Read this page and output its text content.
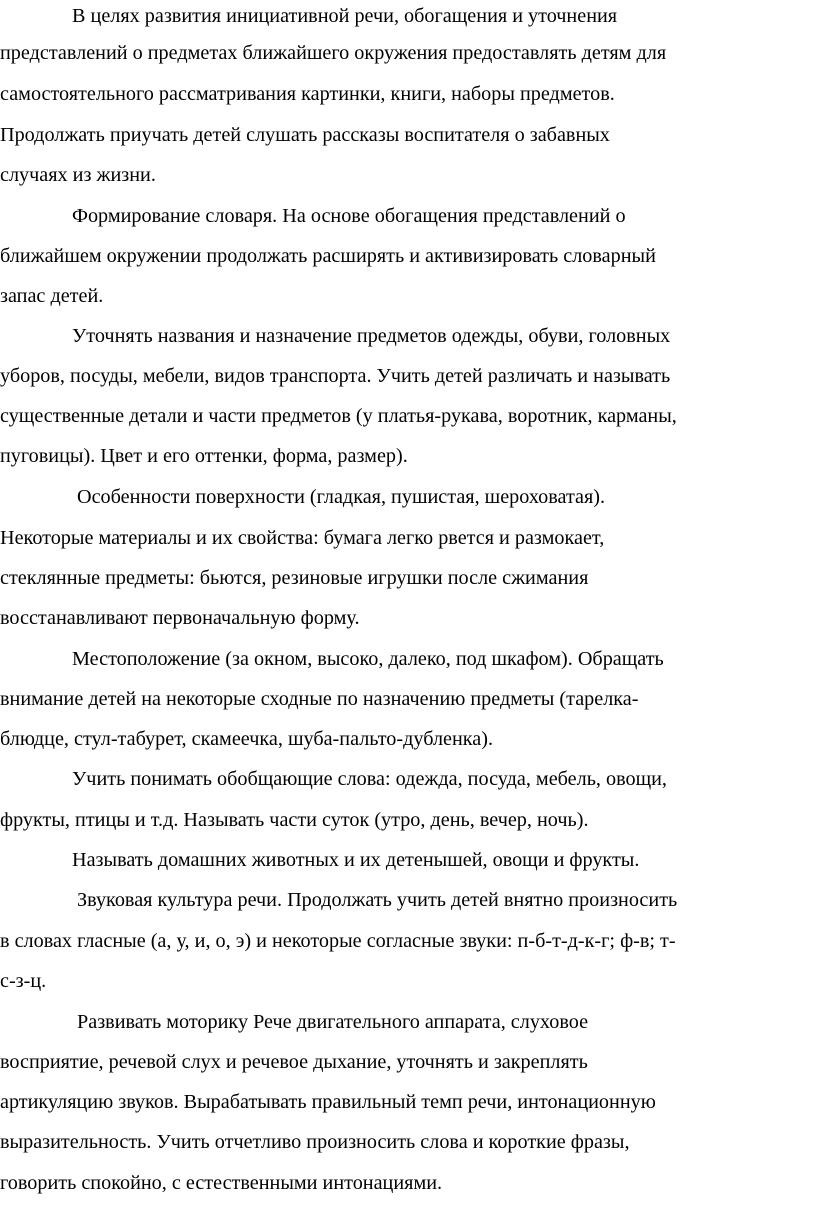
В целях развития инициативной речи, обогащения и уточнения
представлений о предметах ближайшего окружения предоставлять детям для
самостоятельного рассматривания картинки, книги, наборы предметов.
Продолжать приучать детей слушать рассказы воспитателя о забавных
случаях из жизни.
Формирование словаря. На основе обогащения представлений о
ближайшем окружении продолжать расширять и активизировать словарный
запас детей.
Уточнять названия и назначение предметов одежды, обуви, головных
уборов, посуды, мебели, видов транспорта. Учить детей различать и называть
существенные детали и части предметов (у платья-рукава, воротник, карманы,
пуговицы). Цвет и его оттенки, форма, размер).
Особенности поверхности (гладкая, пушистая, шероховатая).
Некоторые материалы и их свойства: бумага легко рвется и размокает,
стеклянные предметы: бьются, резиновые игрушки после сжимания
восстанавливают первоначальную форму.
Местоположение (за окном, высоко, далеко, под шкафом). Обращать
внимание детей на некоторые сходные по назначению предметы (тарелка-
блюдце, стул-табурет, скамеечка, шуба-пальто-дубленка).
Учить понимать обобщающие слова: одежда, посуда, мебель, овощи,
фрукты, птицы и т.д. Называть части суток (утро, день, вечер, ночь).
Называть домашних животных и их детенышей, овощи и фрукты.
Звуковая культура речи. Продолжать учить детей внятно произносить
в словах гласные (а, у, и, о, э) и некоторые согласные звуки: п-б-т-д-к-г; ф-в; т-
с-з-ц.
Развивать моторику Рече двигательного аппарата, слуховое
восприятие, речевой слух и речевое дыхание, уточнять и закреплять
артикуляцию звуков. Вырабатывать правильный темп речи, интонационную
выразительность. Учить отчетливо произносить слова и короткие фразы,
говорить спокойно, с естественными интонациями.
